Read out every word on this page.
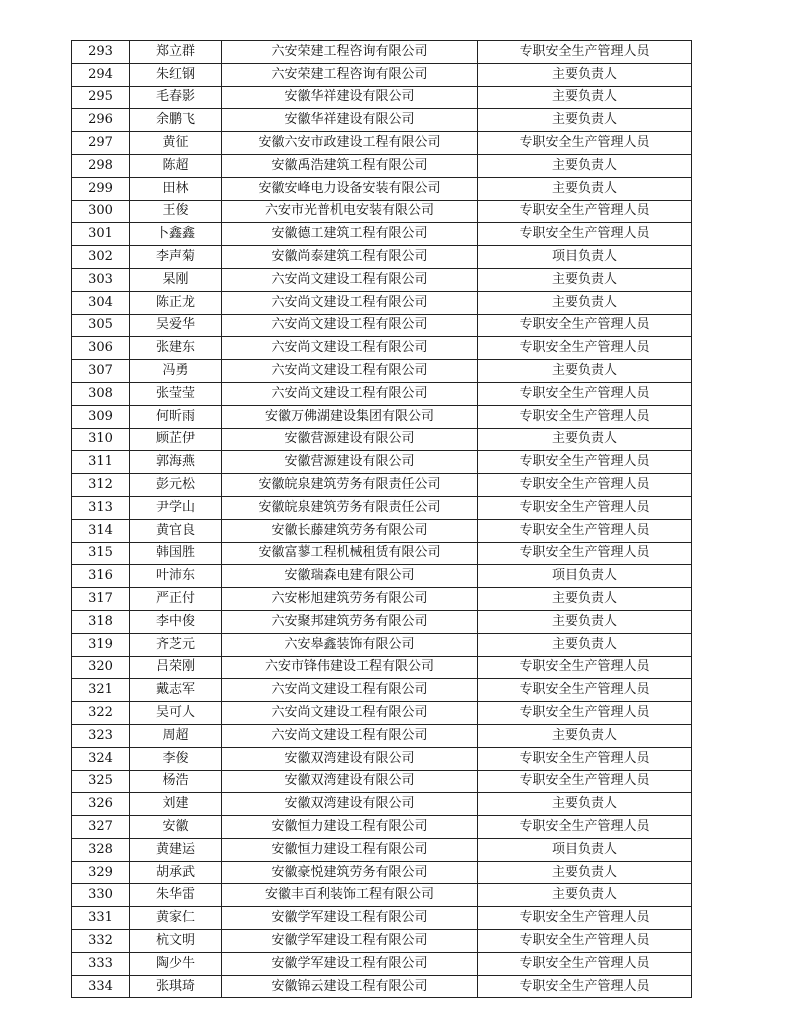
293	郑立群	六安荣建工程咨询有限公司	专职安全生产管理人员
294	朱红钢	六安荣建工程咨询有限公司	主要负责人
295	毛春影	安徽华祥建设有限公司	主要负责人
296	余鹏飞	安徽华祥建设有限公司	主要负责人
297	黄征	安徽六安市政建设工程有限公司	专职安全生产管理人员
298	陈超	安徽禹浩建筑工程有限公司	主要负责人
299	田林	安徽安峰电力设备安装有限公司	主要负责人
300	王俊	六安市光普机电安装有限公司	专职安全生产管理人员
301	卜鑫鑫	安徽德工建筑工程有限公司	专职安全生产管理人员
302	李声菊	安徽尚泰建筑工程有限公司	项目负责人
303	杲刚	六安尚文建设工程有限公司	主要负责人
304	陈正龙	六安尚文建设工程有限公司	主要负责人
305	吴爱华	六安尚文建设工程有限公司	专职安全生产管理人员
306	张建东	六安尚文建设工程有限公司	专职安全生产管理人员
307	冯勇	六安尚文建设工程有限公司	主要负责人
308	张莹莹	六安尚文建设工程有限公司	专职安全生产管理人员
309	何昕雨	安徽万佛湖建设集团有限公司	专职安全生产管理人员
310	顾芷伊	安徽营源建设有限公司	主要负责人
311	郭海燕	安徽营源建设有限公司	专职安全生产管理人员
312	彭元松	安徽皖泉建筑劳务有限责任公司	专职安全生产管理人员
313	尹学山	安徽皖泉建筑劳务有限责任公司	专职安全生产管理人员
314	黄官良	安徽长藤建筑劳务有限公司	专职安全生产管理人员
315	韩国胜	安徽富蓼工程机械租赁有限公司	专职安全生产管理人员
316	叶沛东	安徽瑞森电建有限公司	项目负责人
317	严正付	六安彬旭建筑劳务有限公司	主要负责人
318	李中俊	六安聚邦建筑劳务有限公司	主要负责人
319	齐芝元	六安皋鑫装饰有限公司	主要负责人
320	吕荣刚	六安市锋伟建设工程有限公司	专职安全生产管理人员
321	戴志军	六安尚文建设工程有限公司	专职安全生产管理人员
322	吴可人	六安尚文建设工程有限公司	专职安全生产管理人员
323	周超	六安尚文建设工程有限公司	主要负责人
324	李俊	安徽双湾建设有限公司	专职安全生产管理人员
325	杨浩	安徽双湾建设有限公司	专职安全生产管理人员
326	刘建	安徽双湾建设有限公司	主要负责人
327	安徽	安徽恒力建设工程有限公司	专职安全生产管理人员
328	黄建运	安徽恒力建设工程有限公司	项目负责人
329	胡承武	安徽豪悦建筑劳务有限公司	主要负责人
330	朱华雷	安徽丰百利装饰工程有限公司	主要负责人
331	黄家仁	安徽学军建设工程有限公司	专职安全生产管理人员
332	杭文明	安徽学军建设工程有限公司	专职安全生产管理人员
333	陶少牛	安徽学军建设工程有限公司	专职安全生产管理人员
334	张琪琦	安徽锦云建设工程有限公司	专职安全生产管理人员
